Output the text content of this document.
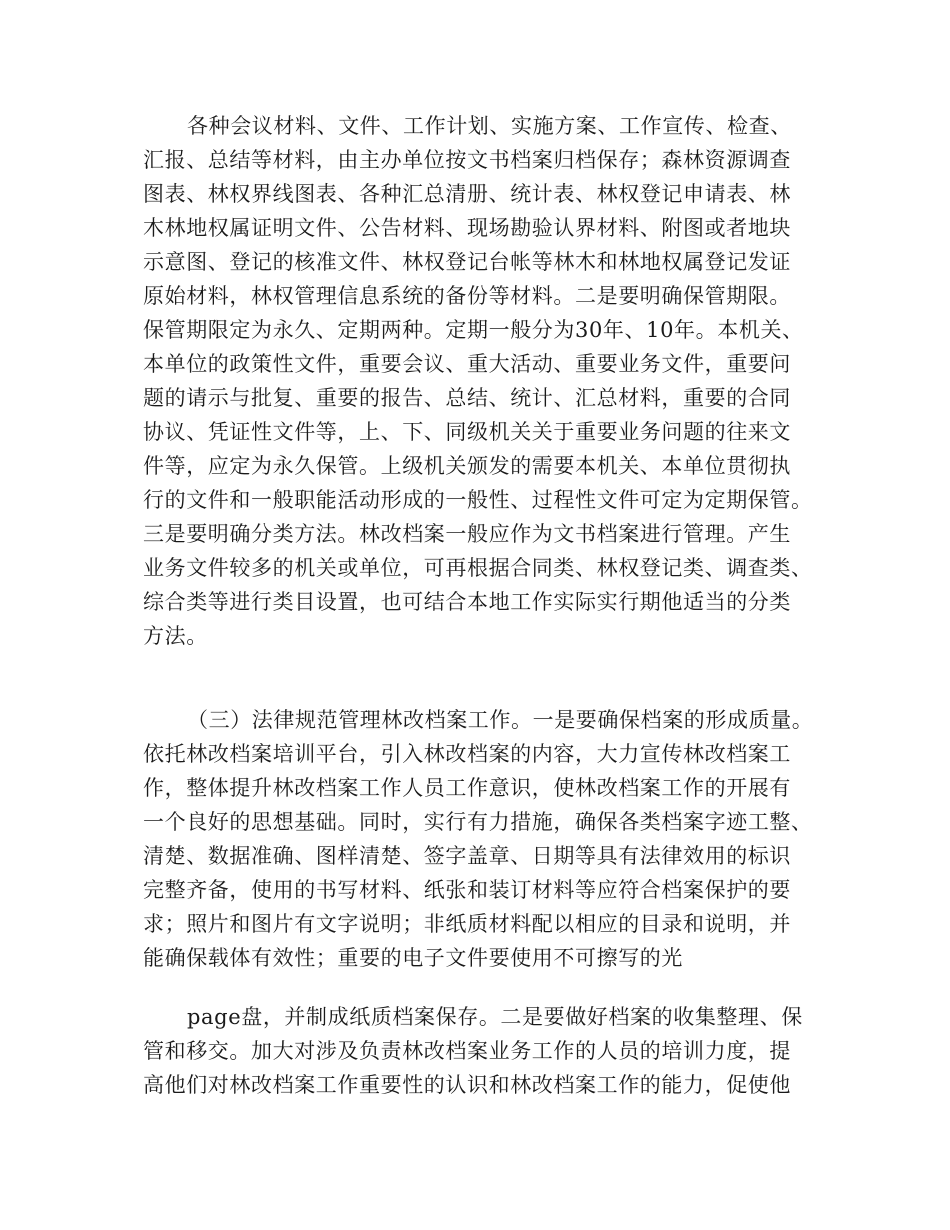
各种会议材料、文件、工作计划、实施方案、工作宣传、检查、
汇报、总结等材料，由主办单位按文书档案归档保存；森林资源调查
图表、林权界线图表、各种汇总清册、统计表、林权登记申请表、林
木林地权属证明文件、公告材料、现场勘验认界材料、附图或者地块
示意图、登记的核准文件、林权登记台帐等林木和林地权属登记发证
原始材料，林权管理信息系统的备份等材料。二是要明确保管期限。
保管期限定为永久、定期两种。定期一般分为30年、10年。本机关、
本单位的政策性文件，重要会议、重大活动、重要业务文件，重要问
题的请示与批复、重要的报告、总结、统计、汇总材料，重要的合同
协议、凭证性文件等，上、下、同级机关关于重要业务问题的往来文
件等，应定为永久保管。上级机关颁发的需要本机关、本单位贯彻执
行的文件和一般职能活动形成的一般性、过程性文件可定为定期保管。
三是要明确分类方法。林改档案一般应作为文书档案进行管理。产生
业务文件较多的机关或单位，可再根据合同类、林权登记类、调查类、
综合类等进行类目设置，也可结合本地工作实际实行期他适当的分类
方法。
（三）法律规范管理林改档案工作。一是要确保档案的形成质量。
依托林改档案培训平台，引入林改档案的内容，大力宣传林改档案工
作，整体提升林改档案工作人员工作意识，使林改档案工作的开展有
一个良好的思想基础。同时，实行有力措施，确保各类档案字迹工整、
清楚、数据准确、图样清楚、签字盖章、日期等具有法律效用的标识
完整齐备，使用的书写材料、纸张和装订材料等应符合档案保护的要
求；照片和图片有文字说明；非纸质材料配以相应的目录和说明，并
能确保载体有效性；重要的电子文件要使用不可擦写的光
page盘，并制成纸质档案保存。二是要做好档案的收集整理、保
管和移交。加大对涉及负责林改档案业务工作的人员的培训力度，提
高他们对林改档案工作重要性的认识和林改档案工作的能力，促使他
